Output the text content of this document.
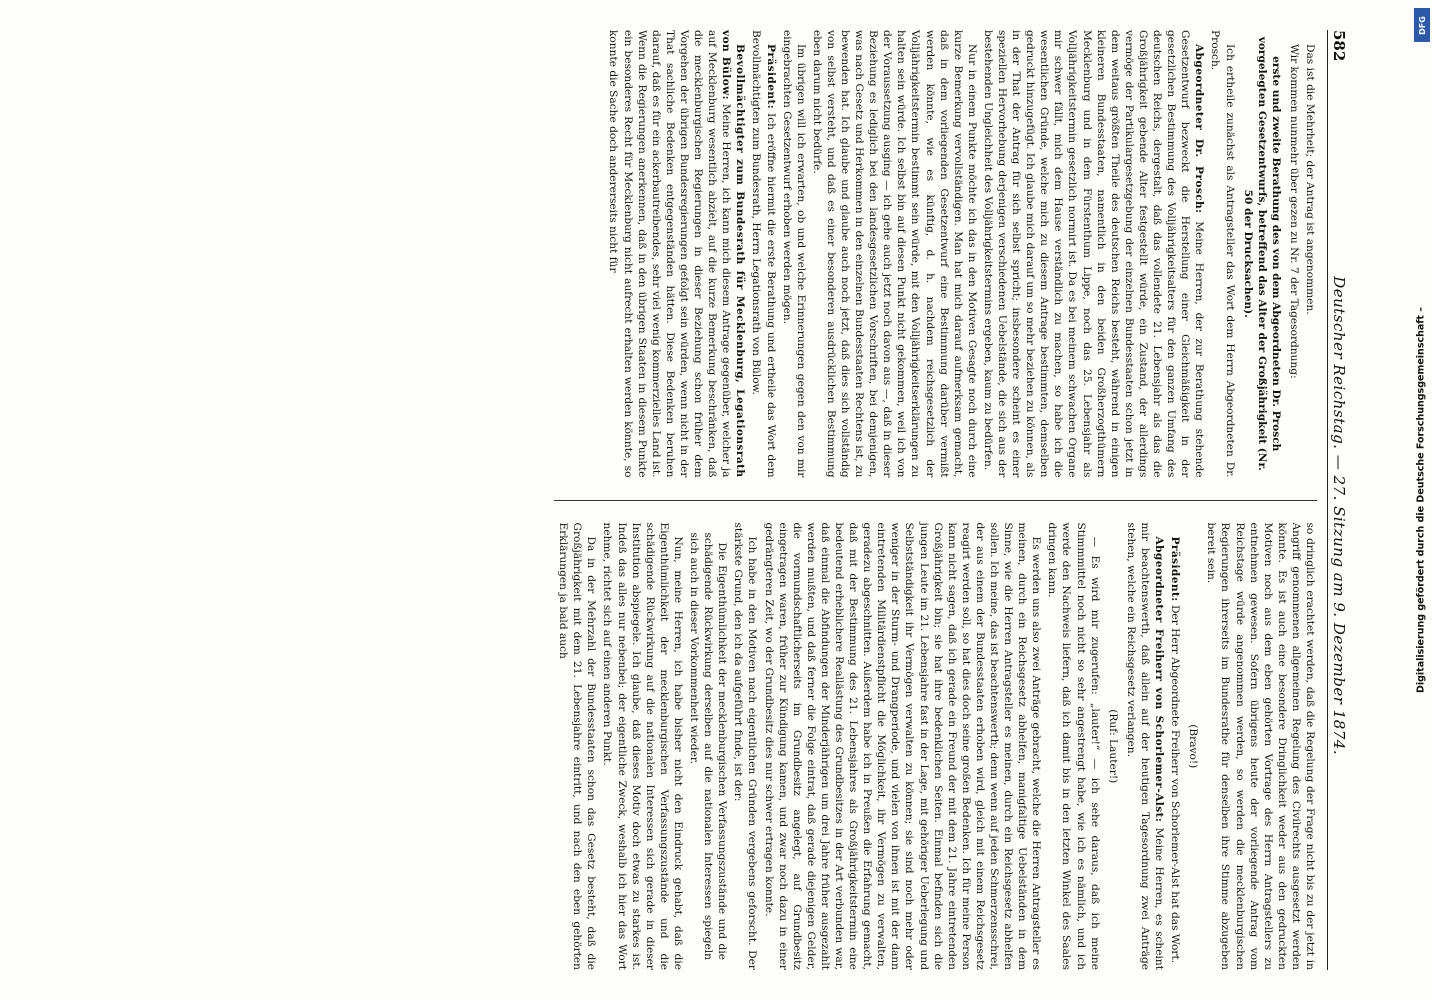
582
Deutscher Reichstag. — 27. Sitzung am 9. Dezember 1874.

Das ist die Mehrheit; der Antrag ist angenommen.

Wir kommen nunmehr über gezen zu Nr. 7 der Tagesordnung:

erste und zweite Berathung des von dem Abgeordneten Dr. Prosch vorgelegten Gesetzentwurfs, betreffend das Alter der Großjährigkeit (Nr. 50 der Drucksachen).

Ich ertheile zunächst als Antragsteller das Wort dem Herrn Abgeordneten Dr. Prosch.

Abgeordneter Dr. Prosch: Meine Herren, der zur Berathung stehende Gesetzentwurf bezweckt die Herstellung einer Gleichmäßigkeit in der gesetzlichen Bestimmung des Volljährigkeitsalters für den ganzen Umfang des deutschen Reichs, dergestalt, daß das vollendete 21. Lebensjahr als das die Großjährigkeit gebende Alter festgestellt würde, ein Zustand, der allerdings vermöge der Partikulargesetzgebung der einzelnen Bundesstaaten schon jetzt in dem weitaus größten Theile des deutschen Reichs besteht, während in einigen kleineren Bundesstaaten, namentlich in den beiden Großherzogthümern Mecklenburg und in dem Fürstenthum Lippe, noch das 25. Lebensjahr als Volljährigkeitstermin gesetzlich normirt ist. Da es bei meinem schwachen Organe mir schwer fällt, mich dem Hause verständlich zu machen, so habe ich die wesentlichen Gründe, welche mich zu diesem Antrage bestimmten, demselben gedruckt hinzugefügt. Ich glaube mich darauf um so mehr beziehen zu können, als in der That der Antrag für sich selbst spricht; insbesondere scheint es einer speziellen Hervorhebung derjenigen verschiedenen Uebelstände, die sich aus der bestehenden Ungleichheit des Volljährigkeitstermins ergeben, kaum zu bedürfen.

Nur in einem Punkte möchte ich das in den Motiven Gesagte noch durch eine kurze Bemerkung vervollständigen. Man hat mich darauf aufmerksam gemacht, daß in dem vorliegenden Gesetzentwurf eine Bestimmung darüber vermißt werden könnte, wie es künftig, d. h. nachdem reichsgesetzlich der Volljährigkeitstermin bestimmt sein würde, mit den Volljährigkeitserklärungen zu halten sein würde. Ich selbst bin auf diesen Punkt nicht gekommen, weil ich von der Voraussetzung ausging — ich gehe auch jetzt noch davon aus —, daß in dieser Beziehung es lediglich bei den landesgesetzlichen Vorschriften, bei demjenigen, was nach Gesetz und Herkommen in den einzelnen Bundesstaaten Rechtens ist, zu bewenden hat. Ich glaube und glaube auch noch jetzt, daß dies sich vollständig von selbst versteht, und daß es einer besonderen ausdrücklichen Bestimmung eben darum nicht bedürfe.

Im übrigen will ich erwarten, ob und welche Erinnerungen gegen den von mir eingebrachten Gesetzentwurf erhoben werden mögen.

Präsident: Ich eröffne hiermit die erste Berathung und ertheile das Wort dem Bevollmächtigten zum Bundesrath, Herrn Legationsrath von Bülow.

Bevollmächtigter zum Bundesrath für Mecklenburg, Legationsrath von Bülow: Meine Herren, ich kann mich diesem Antrage gegenüber, welcher ja auf Mecklenburg wesentlich abzielt, auf die kurze Bemerkung beschränken, daß die mecklenburgischen Regierungen in dieser Beziehung schon früher dem Vorgehen der übrigen Bundesregierungen gefolgt sein würden, wenn nicht in der That sachliche Bedenken entgegenständen hätten. Diese Bedenken beruhen darauf, daß es für ein ackerbautreibendes, sehr viel wenig kommerzielles Land ist. Wenn die Regierungen anerkennen, daß in den übrigen Staaten in diesem Punkte ein besonderes Recht für Mecklenburg nicht aufrecht erhalten werden könnte, so konnte die Sache doch andererseits nicht für

so dringlich erachtet werden, daß die Regelung der Frage nicht bis zu der jetzt in Angriff genommenen allgemeinen Regelung des Civilrechts ausgesetzt werden könnte. Es ist auch eine besondere Dringlichkeit weder aus den gedruckten Motiven noch aus dem eben gehörten Vortrage des Herrn Antragstellers zu entnehmen gewesen. Sofern übrigens heute der vorliegende Antrag vom Reichstage würde angenommen werden, so werden die mecklenburgischen Regierungen ihrerseits im Bundesrathe für denselben ihre Stimme abzugeben bereit sein.

(Bravo!)

Präsident: Der Herr Abgeordnete Freiherr von Schorlemer-Alst hat das Wort.

Abgeordneter Freiherr von Schorlemer-Alst: Meine Herren, es scheint mir beachtenswerth, daß allein auf der heutigen Tagesordnung zwei Anträge stehen, welche ein Reichsgesetz verlangen.

(Ruf: Lauter!)

— Es wird mir zugerufen: „lauter!“ — ich sehe daraus, daß ich meine Stimmmittel noch nicht so sehr angestrengt habe, wie ich es nämlich, und ich werde den Nachweis liefern, daß ich damit bis in den letzten Winkel des Saales dringen kann.

Es werden uns also zwei Anträge gebracht, welche die Herren Antragsteller es meinen, durch ein Reichsgesetz abhelfen, manigfaltige Uebelständen in dem Sinne, wie die Herren Antragsteller es meinen, durch ein Reichsgesetz abhelfen sollen. Ich meine, das ist beachtenswerth; denn wenn auf jeden Schmerzensschrei, der aus einem der Bundesstaaten erhoben wird, gleich mit einem Reichsgesetz reagirt werden soll, so hat dies doch seine großen Bedenken. Ich für meine Person kann nicht sagen, daß ich gerade ein Freund der mit dem 21. Jahre eintretenden Großjährigkeit bin; sie hat ihre bedenklichen Seiten. Einmal befinden sich die jungen Leute im 21. Lebensjahre fast in der Lage, mit gehöriger Ueberlegung und Selbstständigkeit ihr Vermögen verwalten zu können; sie sind noch mehr oder weniger in der Sturm- und Drangperiode, und vielen von ihnen ist mit der dann eintretenden Militärdienstpflicht die Möglichkeit, ihr Vermögen zu verwalten, geradezu abgeschnitten. Außerdem habe ich in Preußen die Erfahrung gemacht, daß mit der Bestimmung des 21. Lebensjahres als Großjährigkeitstermin eine bedeutend erheblichere Reallästung des Grundbesitzes in der Art verbunden war, daß einmal die Abfindungen der Minderjährigen um drei Jahre früher ausgezahlt werden mußten, und daß ferner die Folge eintrat, daß gerade diejenigen Gelder, die vormundschaftlicherseits im Grundbesitz angelegt, auf Grundbesitz eingetragen waren, früher zur Kündigung kamen, und zwar noch dazu in einer gedrängteren Zeit, wo der Grundbesitz dies nur schwer ertragen konnte.

Ich habe in den Motiven nach eigentlichen Gründen vergebens geforscht. Der stärkste Grund, den ich da aufgeführt finde, ist der:

Die Eigenthümlichkeit der mecklenburgischen Verfassungszustände und die schädigende Rückwirkung derselben auf die nationalen Interessen spiegeln sich auch in dieser Vorkommenheit wieder.

Nun, meine Herren, ich habe bisher nicht den Eindruck gehabt, daß die Eigenthümlichkeit der mecklenburgischen Verfassungszustände und die schädigende Rückwirkung auf die nationalen Interessen sich gerade in dieser Institution abspiegele. Ich glaube, daß dieses Motiv doch etwas zu starkes ist. Indeß das alles nur nebenbei; der eigentliche Zweck, weshalb ich hier das Wort nehme, richtet sich auf einen anderen Punkt.

Da in der Mehrzahl der Bundesstaaten schon das Gesetz besteht, daß die Großjährigkeit mit dem 21. Lebensjahre eintritt, und nach den eben gehörten Erklärungen ja bald auch	Digitalisierung gefördert durch die Deutsche Forschungsgemeinschaft –
DFG
